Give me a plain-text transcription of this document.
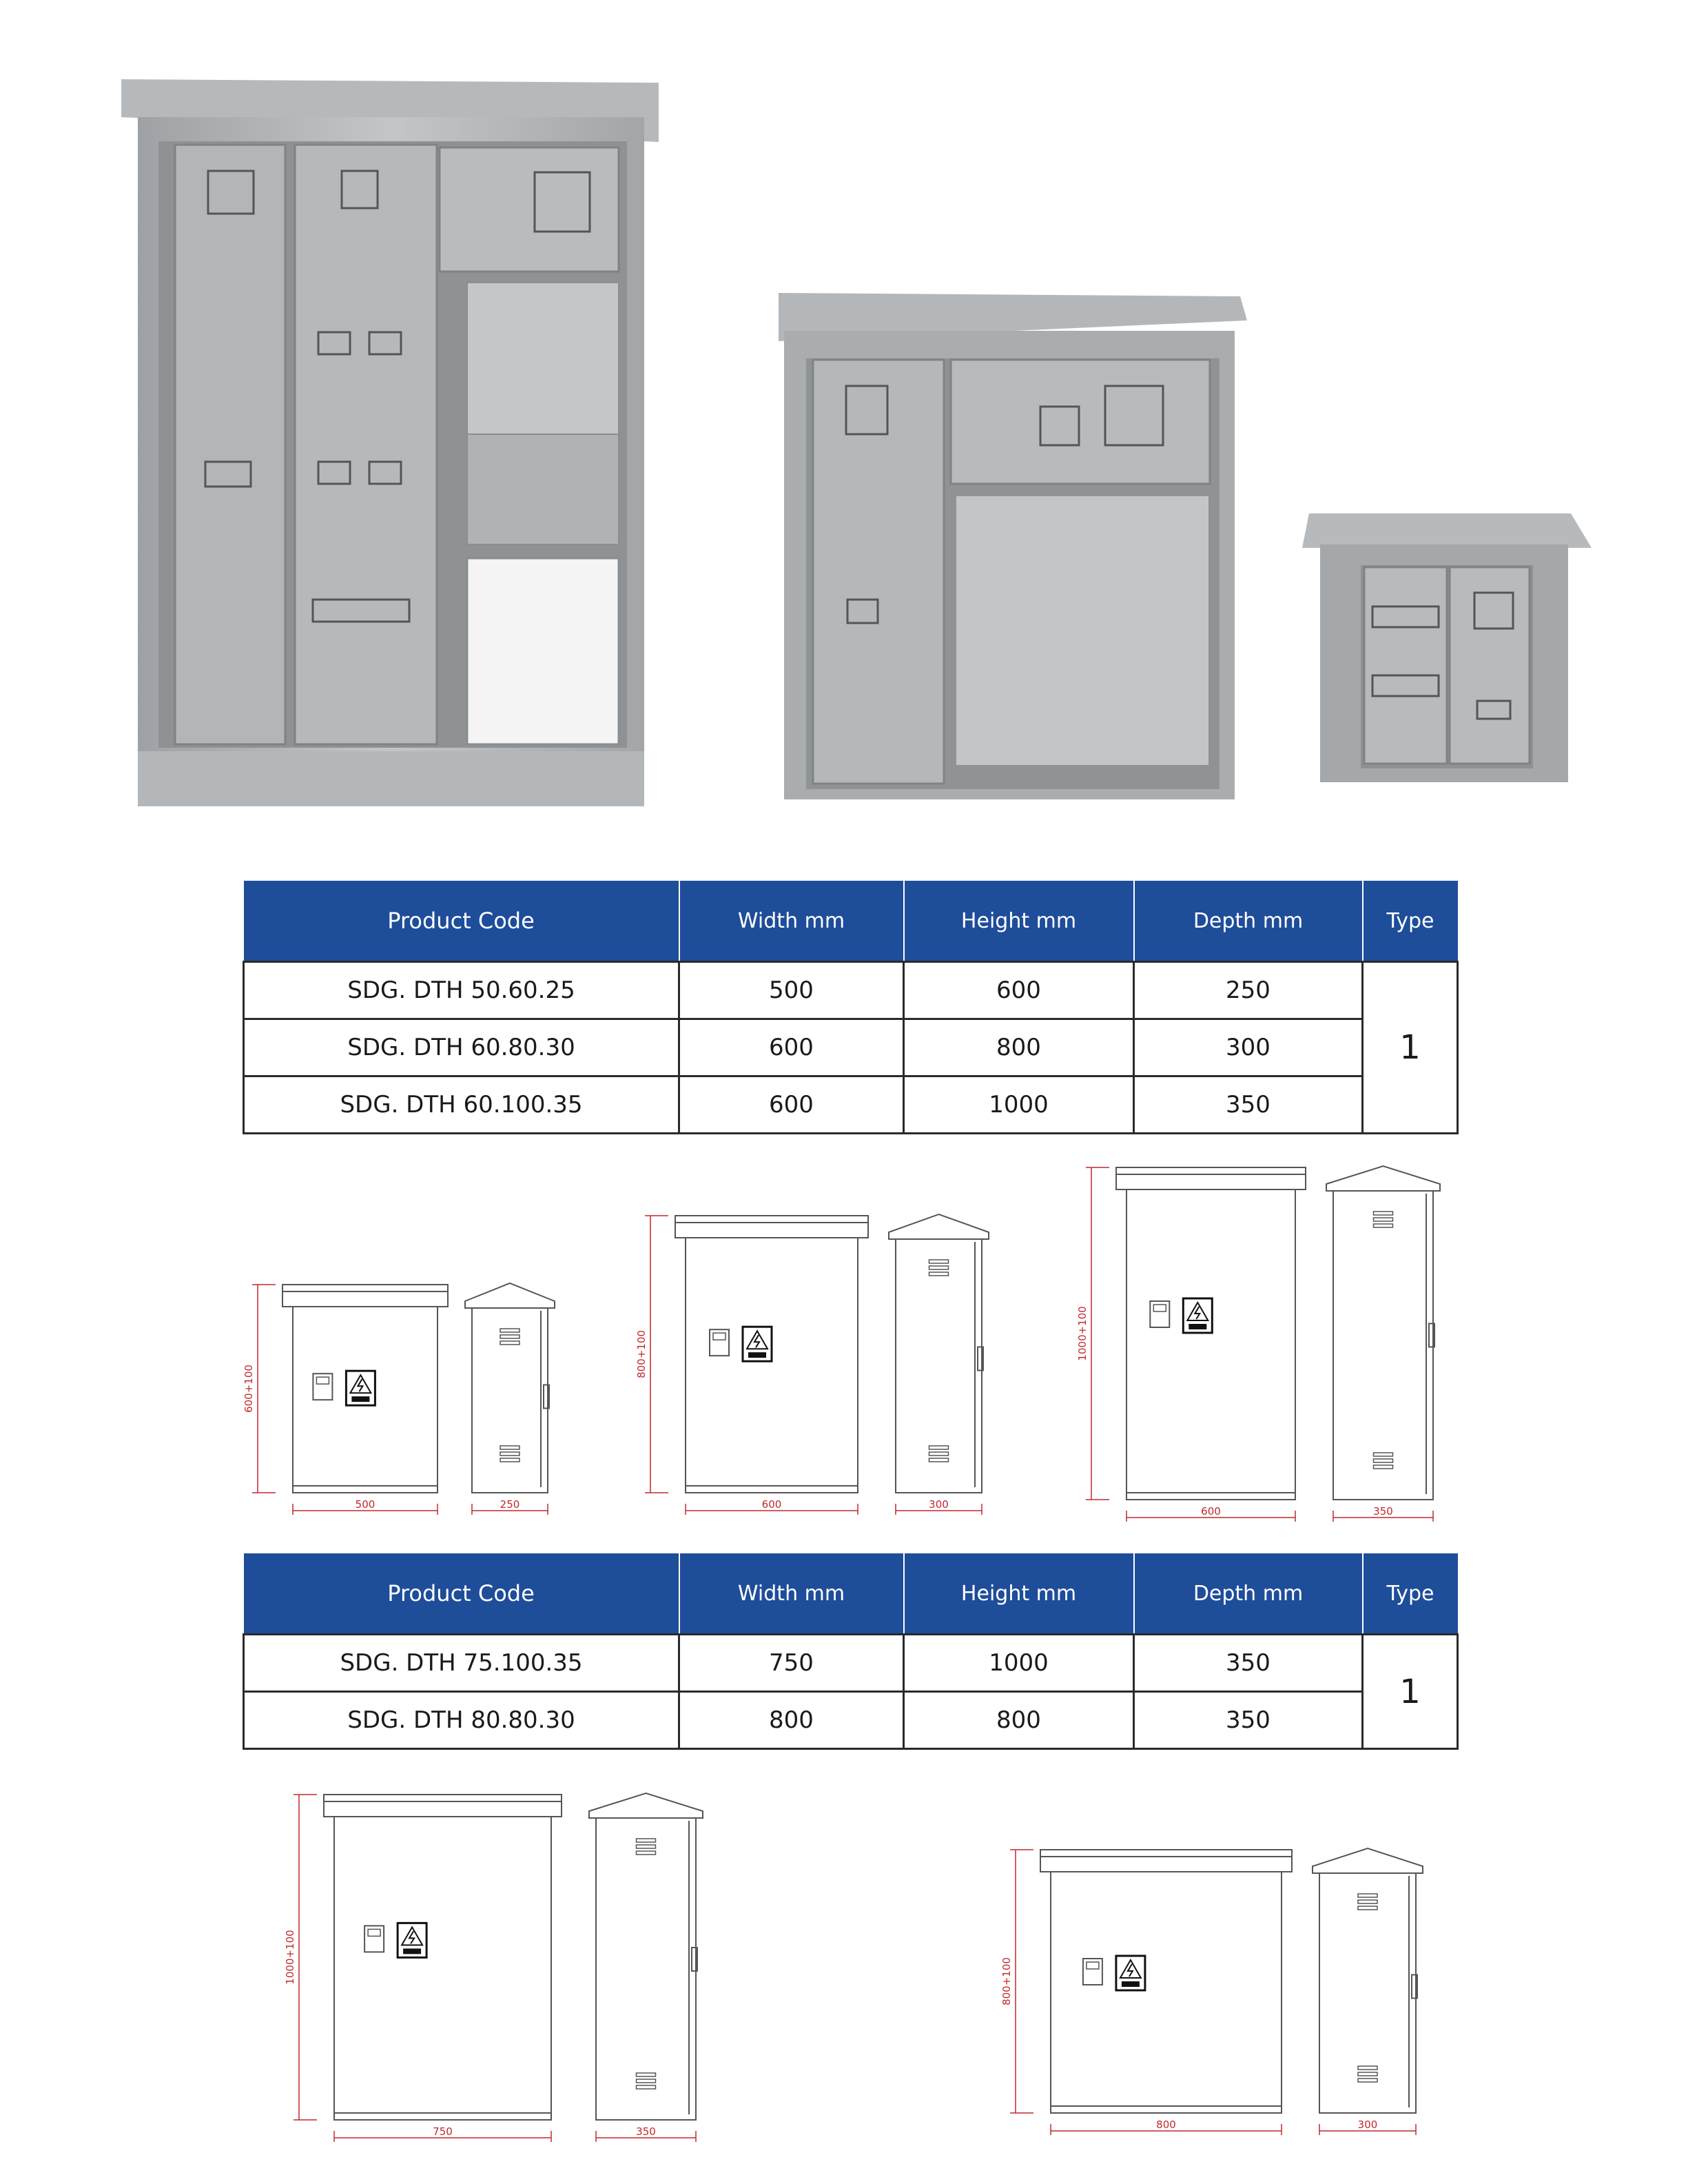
Product Code	Width mm	Height mm	Depth mm	Type
SDG. DTH 50.60.25	500	600	250	1
SDG. DTH 60.80.30	600	800	300	
SDG. DTH 60.100.35	600	1000	350	
Product Code	Width mm	Height mm	Depth mm	Type
SDG. DTH 75.100.35	750	1000	350	1
SDG. DTH 80.80.30	800	800	350	
600+100
500	250
800+100
600	300
1000+100
600	350
1000+100
750	350
800+100
800	300
